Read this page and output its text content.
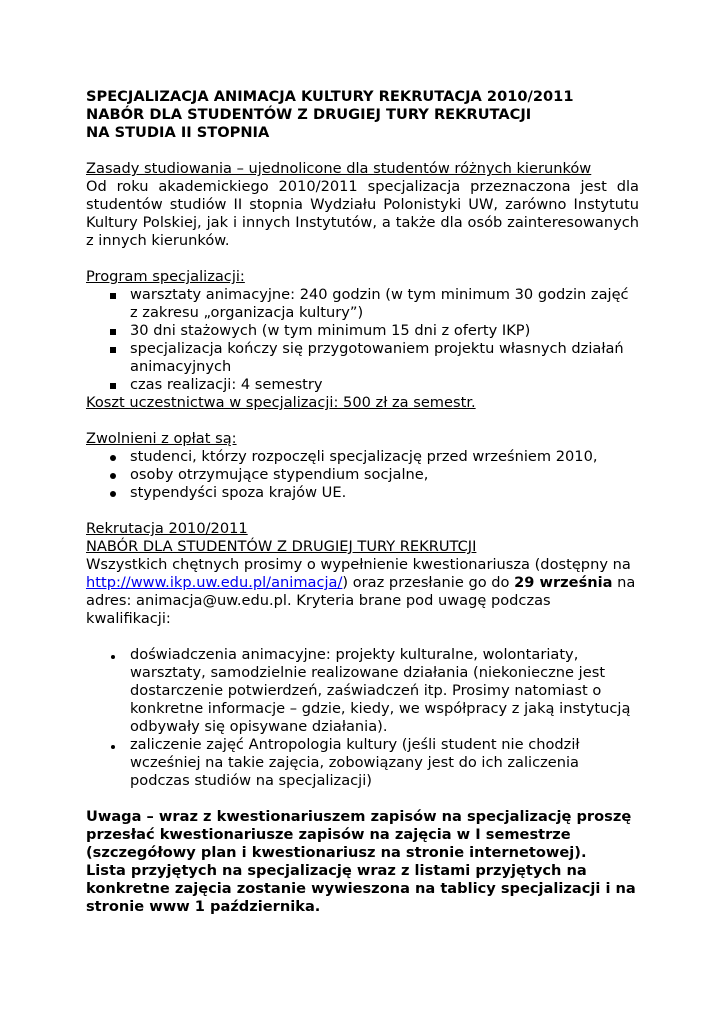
SPECJALIZACJA ANIMACJA KULTURY REKRUTACJA 2010/2011
NABÓR DLA STUDENTÓW Z DRUGIEJ TURY REKRUTACJI
NA STUDIA II STOPNIA
Zasady studiowania – ujednolicone dla studentów różnych kierunków
Od roku akademickiego 2010/2011 specjalizacja przeznaczona jest dla studentów studiów II stopnia Wydziału Polonistyki UW, zarówno Instytutu Kultury Polskiej, jak i innych Instytutów, a także dla osób zainteresowanych z innych kierunków.
Program specjalizacji:
warsztaty animacyjne: 240 godzin (w tym minimum 30 godzin zajęć z zakresu „organizacja kultury”)
30 dni stażowych (w tym minimum 15 dni z oferty IKP)
specjalizacja kończy się przygotowaniem projektu własnych działań animacyjnych
czas realizacji: 4 semestry
Koszt uczestnictwa w specjalizacji: 500 zł za semestr.
Zwolnieni z opłat są:
studenci, którzy rozpoczęli specjalizację przed wrześniem 2010,
osoby otrzymujące stypendium socjalne,
stypendyści spoza krajów UE.
Rekrutacja 2010/2011
NABÓR DLA STUDENTÓW Z DRUGIEJ TURY REKRUTCJI
Wszystkich chętnych prosimy o wypełnienie kwestionariusza (dostępny na http://www.ikp.uw.edu.pl/animacja/) oraz przesłanie go do 29 września na adres: animacja@uw.edu.pl. Kryteria brane pod uwagę podczas kwalifikacji:
doświadczenia animacyjne: projekty kulturalne, wolontariaty, warsztaty, samodzielnie realizowane działania (niekonieczne jest dostarczenie potwierdzeń, zaświadczeń itp. Prosimy natomiast o konkretne informacje – gdzie, kiedy, we współpracy z jaką instytucją odbywały się opisywane działania).
zaliczenie zajęć Antropologia kultury (jeśli student nie chodził wcześniej na takie zajęcia, zobowiązany jest do ich zaliczenia podczas studiów na specjalizacji)
Uwaga – wraz z kwestionariuszem zapisów na specjalizację proszę przesłać kwestionariusze zapisów na zajęcia w I semestrze (szczegółowy plan i kwestionariusz na stronie internetowej).
Lista przyjętych na specjalizację wraz z listami przyjętych na konkretne zajęcia zostanie wywieszona na tablicy specjalizacji i na stronie www 1 października.
